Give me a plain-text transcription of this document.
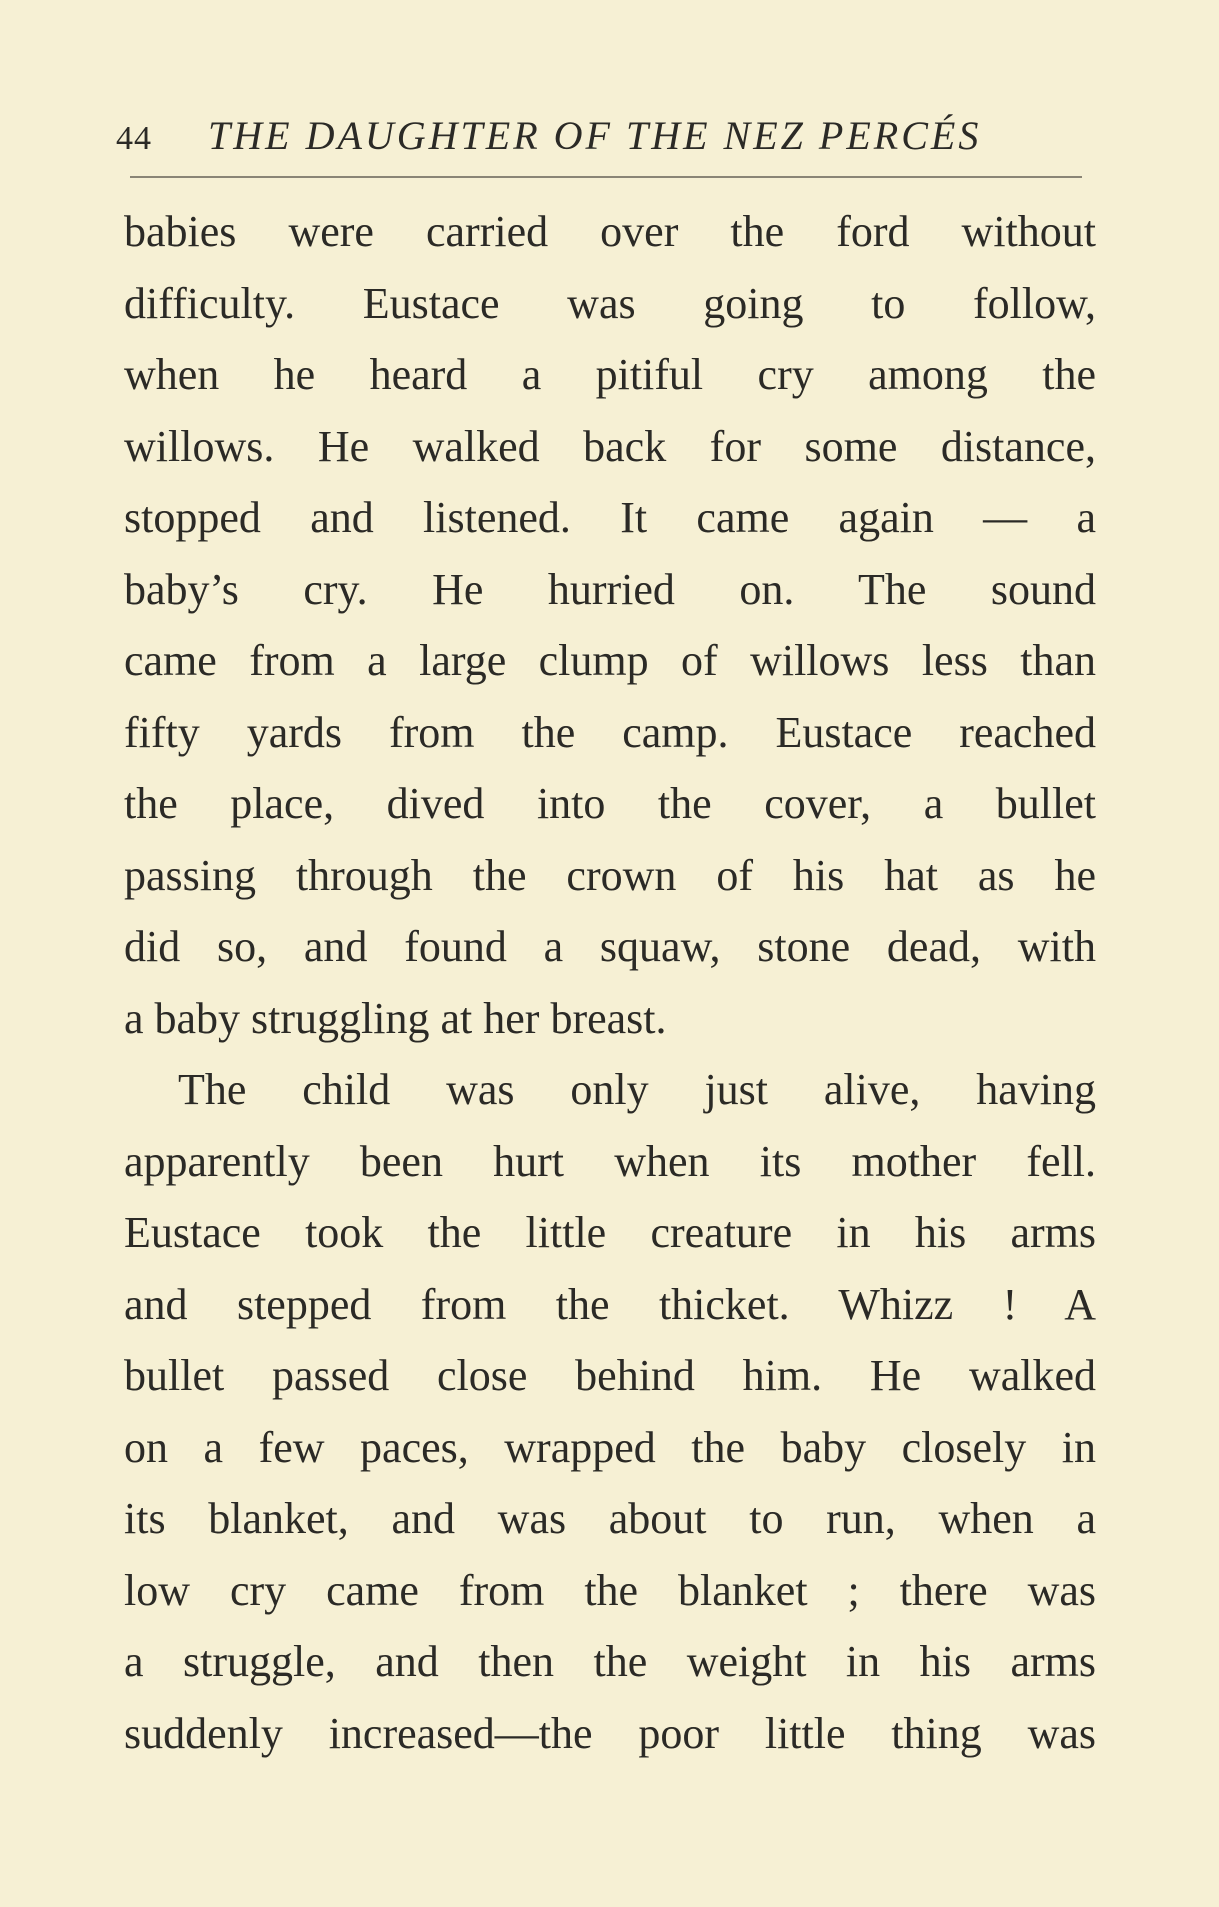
44 THE DAUGHTER OF THE NEZ PERCÉS
babies were carried over the ford without
difficulty. Eustace was going to follow,
when he heard a pitiful cry among the
willows. He walked back for some distance,
stopped and listened. It came again — a
baby’s cry. He hurried on. The sound
came from a large clump of willows less than
fifty yards from the camp. Eustace reached
the place, dived into the cover, a bullet
passing through the crown of his hat as he
did so, and found a squaw, stone dead, with
a baby struggling at her breast.
The child was only just alive, having
apparently been hurt when its mother fell.
Eustace took the little creature in his arms
and stepped from the thicket. Whizz ! A
bullet passed close behind him. He walked
on a few paces, wrapped the baby closely in
its blanket, and was about to run, when a
low cry came from the blanket ; there was
a struggle, and then the weight in his arms
suddenly increased—the poor little thing was
